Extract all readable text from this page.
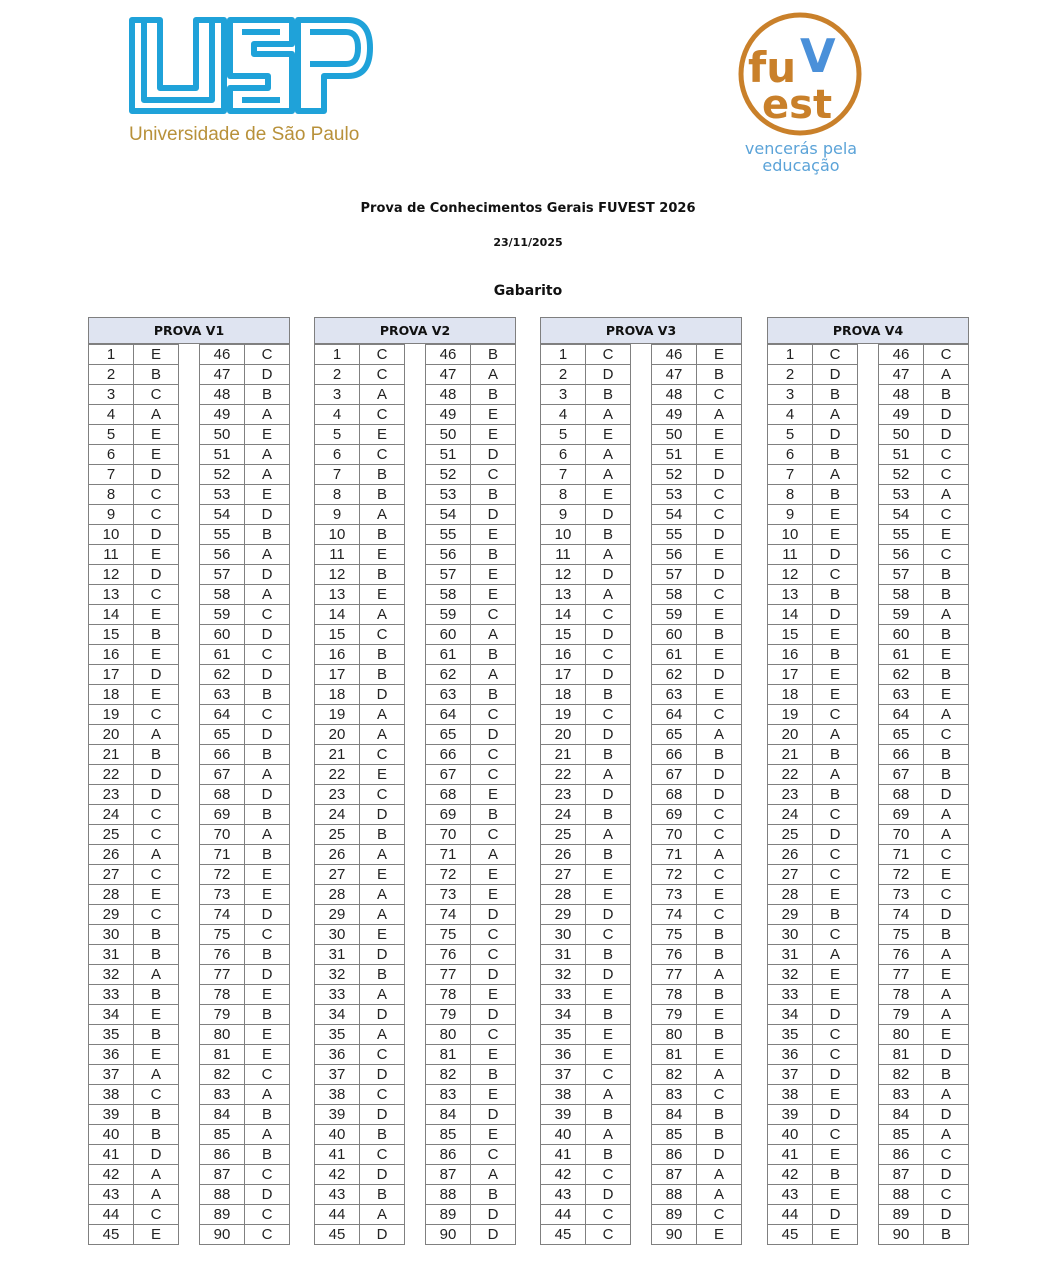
Universidade de São Paulo
fu V
est
vencerás pela
educação
Prova de Conhecimentos Gerais FUVEST 2026
23/11/2025
Gabarito
PROVA V1
1	E
2	B
3	C
4	A
5	E
6	E
7	D
8	C
9	C
10	D
11	E
12	D
13	C
14	E
15	B
16	E
17	D
18	E
19	C
20	A
21	B
22	D
23	D
24	C
25	C
26	A
27	C
28	E
29	C
30	B
31	B
32	A
33	B
34	E
35	B
36	E
37	A
38	C
39	B
40	B
41	D
42	A
43	A
44	C
45	E
46	C
47	D
48	B
49	A
50	E
51	A
52	A
53	E
54	D
55	B
56	A
57	D
58	A
59	C
60	D
61	C
62	D
63	B
64	C
65	D
66	B
67	A
68	D
69	B
70	A
71	B
72	E
73	E
74	D
75	C
76	B
77	D
78	E
79	B
80	E
81	E
82	C
83	A
84	B
85	A
86	B
87	C
88	D
89	C
90	C
PROVA V2
1	C
2	C
3	A
4	C
5	E
6	C
7	B
8	B
9	A
10	B
11	E
12	B
13	E
14	A
15	C
16	B
17	B
18	D
19	A
20	A
21	C
22	E
23	C
24	D
25	B
26	A
27	E
28	A
29	A
30	E
31	D
32	B
33	A
34	D
35	A
36	C
37	D
38	C
39	D
40	B
41	C
42	D
43	B
44	A
45	D
46	B
47	A
48	B
49	E
50	E
51	D
52	C
53	B
54	D
55	E
56	B
57	E
58	E
59	C
60	A
61	B
62	A
63	B
64	C
65	D
66	C
67	C
68	E
69	B
70	C
71	A
72	E
73	E
74	D
75	C
76	C
77	D
78	E
79	D
80	C
81	E
82	B
83	E
84	D
85	E
86	C
87	A
88	B
89	D
90	D
PROVA V3
1	C
2	D
3	B
4	A
5	E
6	A
7	A
8	E
9	D
10	B
11	A
12	D
13	A
14	C
15	D
16	C
17	D
18	B
19	C
20	D
21	B
22	A
23	D
24	B
25	A
26	B
27	E
28	E
29	D
30	C
31	B
32	D
33	E
34	B
35	E
36	E
37	C
38	A
39	B
40	A
41	B
42	C
43	D
44	C
45	C
46	E
47	B
48	C
49	A
50	E
51	E
52	D
53	C
54	C
55	D
56	E
57	D
58	C
59	E
60	B
61	E
62	D
63	E
64	C
65	A
66	B
67	D
68	D
69	C
70	C
71	A
72	C
73	E
74	C
75	B
76	B
77	A
78	B
79	E
80	B
81	E
82	A
83	C
84	B
85	B
86	D
87	A
88	A
89	C
90	E
PROVA V4
1	C
2	D
3	B
4	A
5	D
6	B
7	A
8	B
9	E
10	E
11	D
12	C
13	B
14	D
15	E
16	B
17	E
18	E
19	C
20	A
21	B
22	A
23	B
24	C
25	D
26	C
27	C
28	E
29	B
30	C
31	A
32	E
33	E
34	D
35	C
36	C
37	D
38	E
39	D
40	C
41	E
42	B
43	E
44	D
45	E
46	C
47	A
48	B
49	D
50	D
51	C
52	C
53	A
54	C
55	E
56	C
57	B
58	B
59	A
60	B
61	E
62	B
63	E
64	A
65	C
66	B
67	B
68	D
69	A
70	A
71	C
72	E
73	C
74	D
75	B
76	A
77	E
78	A
79	A
80	E
81	D
82	B
83	A
84	D
85	A
86	C
87	D
88	C
89	D
90	B
